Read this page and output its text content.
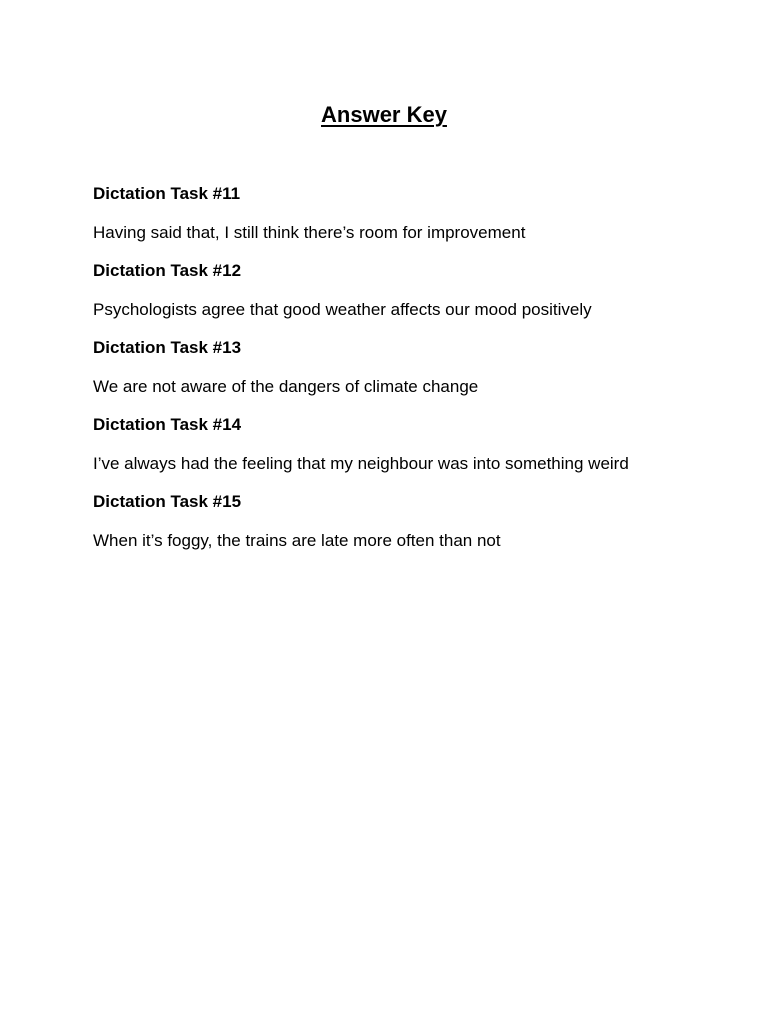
Answer Key
Dictation Task #11
Having said that, I still think there’s room for improvement
Dictation Task #12
Psychologists agree that good weather affects our mood positively
Dictation Task #13
We are not aware of the dangers of climate change
Dictation Task #14
I’ve always had the feeling that my neighbour was into something weird
Dictation Task #15
When it’s foggy, the trains are late more often than not
